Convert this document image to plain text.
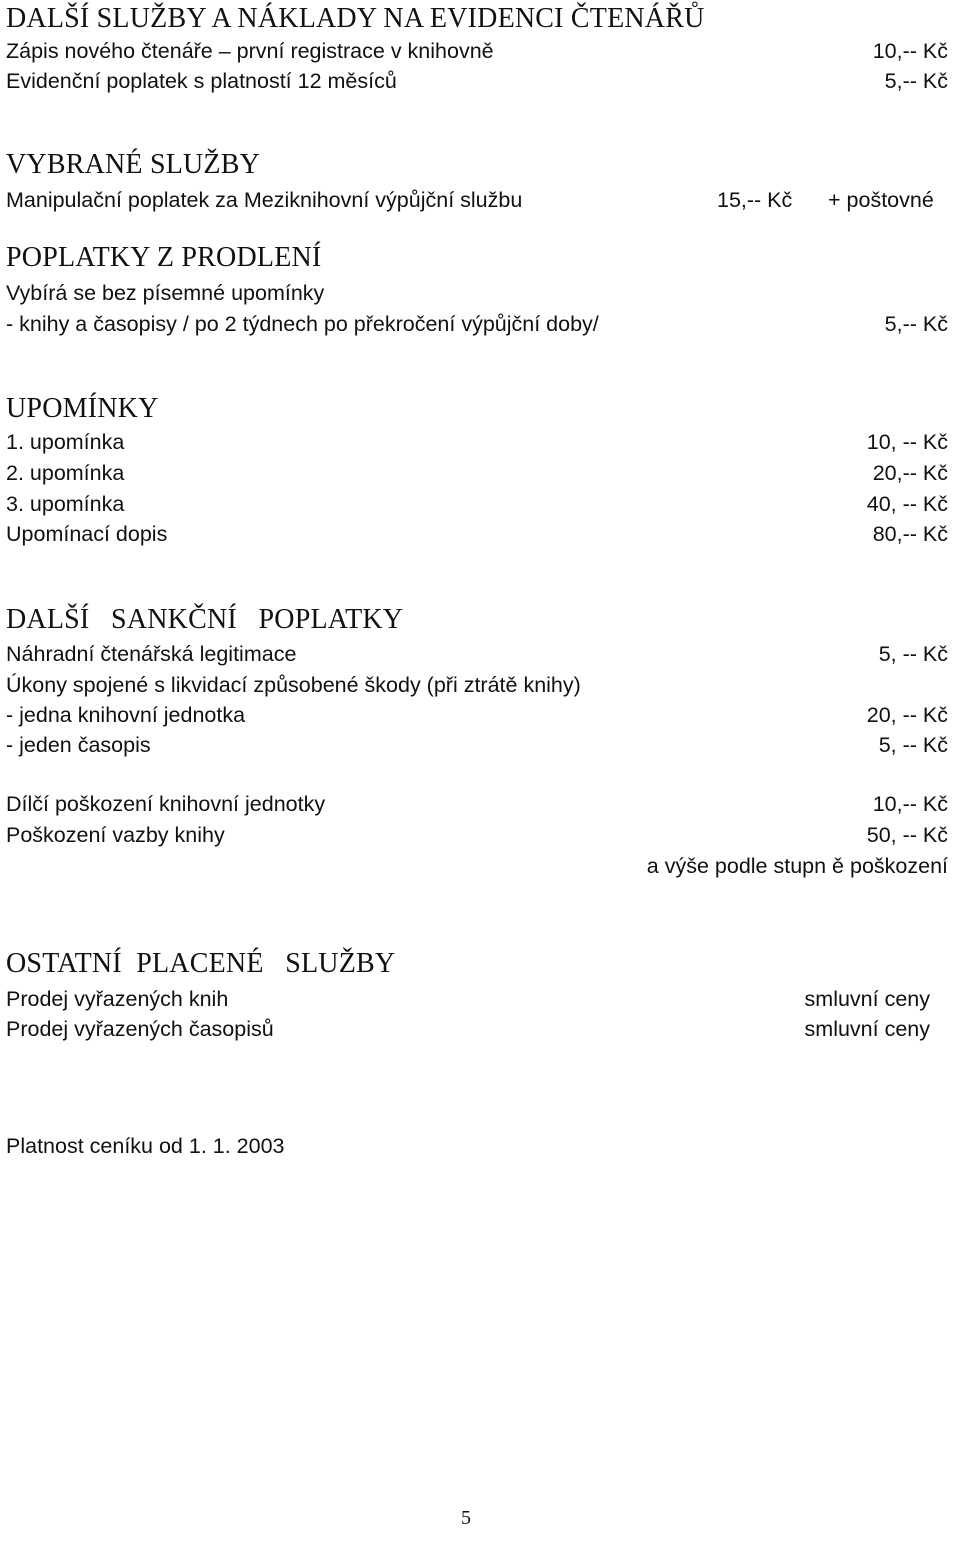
DALŠÍ SLUŽBY A NÁKLADY NA EVIDENCI ČTENÁŘŮ
Zápis nového čtenáře – první registrace v knihovně	10,-- Kč
Evidenční poplatek s platností 12 měsíců	5,-- Kč
VYBRANÉ SLUŽBY
Manipulační poplatek za Meziknihovní výpůjční službu	15,-- Kč + poštovné
POPLATKY Z PRODLENÍ
Vybírá se bez písemné upomínky
- knihy a časopisy / po 2 týdnech po překročení výpůjční doby/	5,-- Kč
UPOMÍNKY
1. upomínka	10, -- Kč
2. upomínka	20,-- Kč
3. upomínka	40, -- Kč
Upomínací dopis	80,-- Kč
DALŠÍ   SANKČNÍ   POPLATKY
Náhradní čtenářská legitimace	5, -- Kč
Úkony spojené s likvidací způsobené škody (při ztrátě knihy)
- jedna knihovní jednotka	20, -- Kč
- jeden časopis	5, -- Kč
Dílčí poškození knihovní jednotky	10,-- Kč
Poškození vazby knihy	50, -- Kč
a výše podle stupn ě poškození
OSTATNÍ  PLACENÉ   SLUŽBY
Prodej vyřazených knih	smluvní ceny
Prodej vyřazených časopisů	smluvní ceny
Platnost ceníku od 1. 1. 2003
5
